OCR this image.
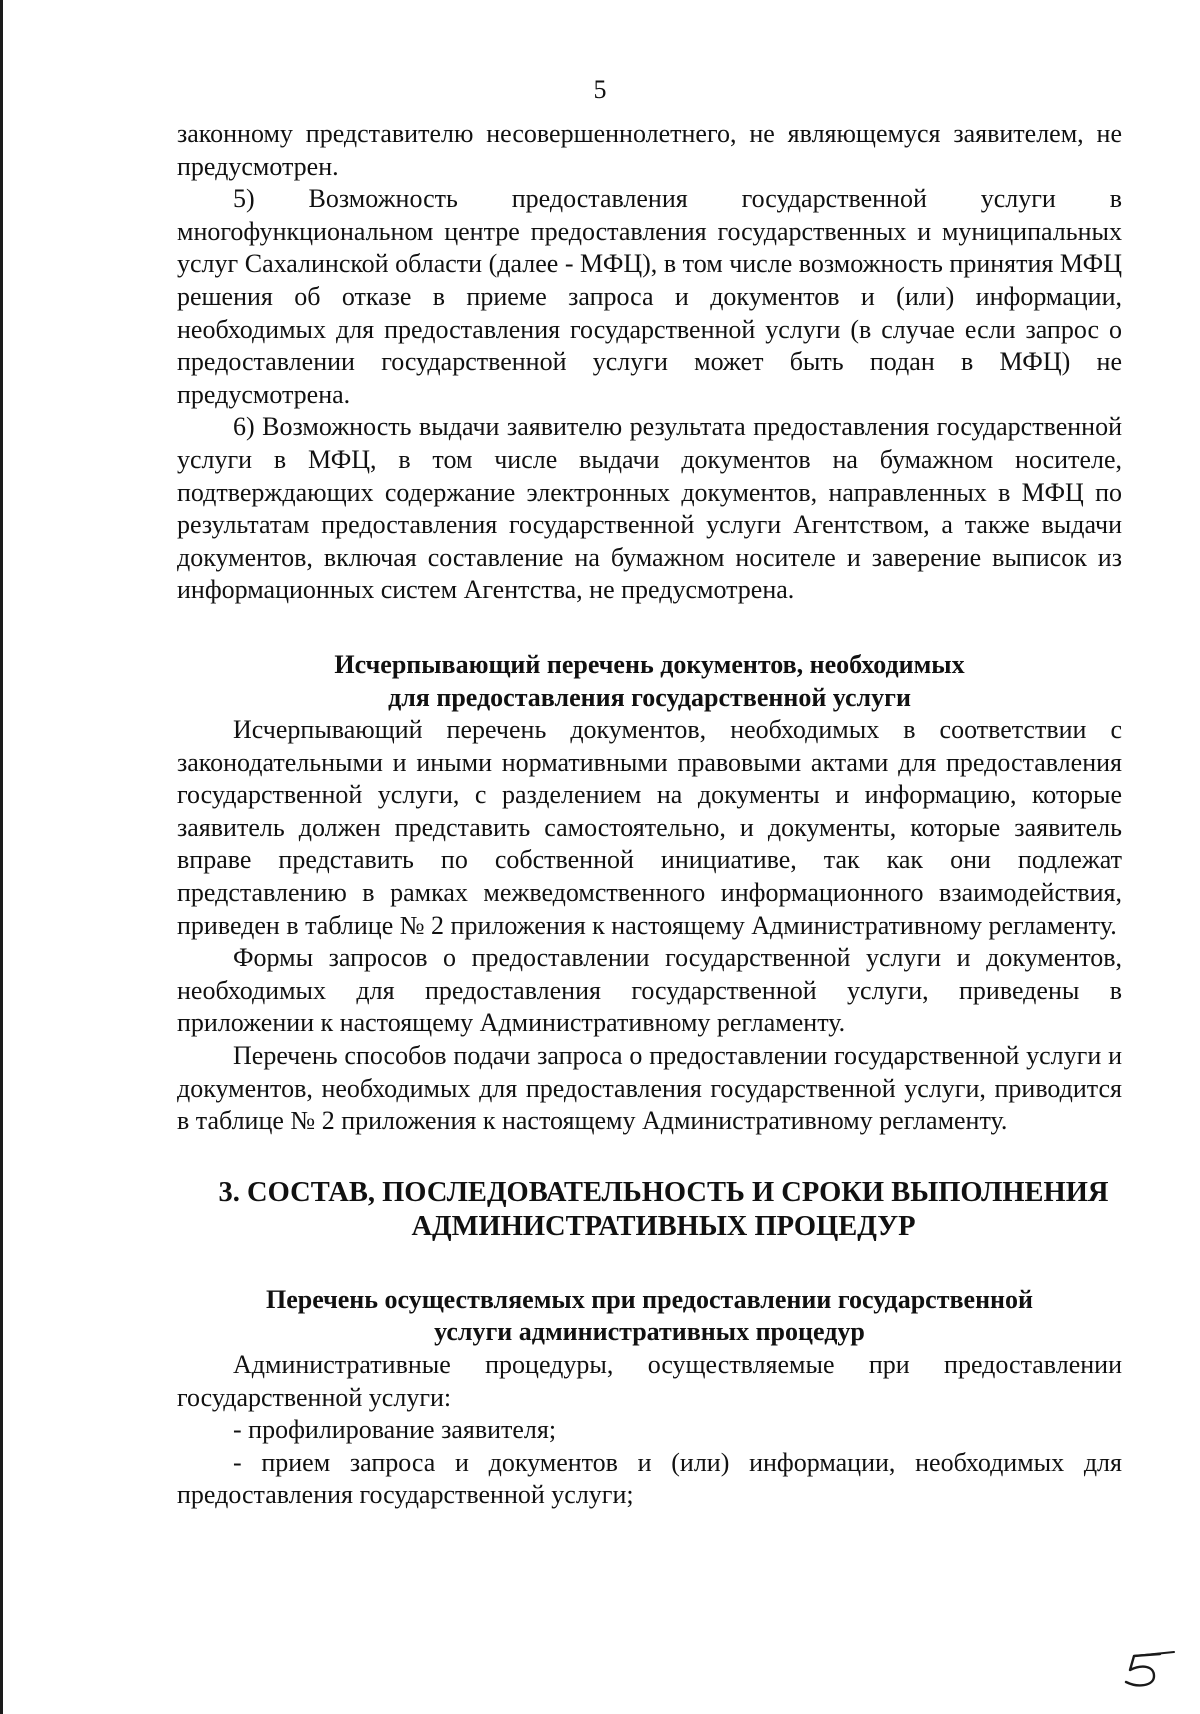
5

законному представителю несовершеннолетнего, не являющемуся заявителем, не предусмотрен.

5) Возможность предоставления государственной услуги в многофункциональном центре предоставления государственных и муниципальных услуг Сахалинской области (далее - МФЦ), в том числе возможность принятия МФЦ решения об отказе в приеме запроса и документов и (или) информации, необходимых для предоставления государственной услуги (в случае если запрос о предоставлении государственной услуги может быть подан в МФЦ) не предусмотрена.

6) Возможность выдачи заявителю результата предоставления государственной услуги в МФЦ, в том числе выдачи документов на бумажном носителе, подтверждающих содержание электронных документов, направленных в МФЦ по результатам предоставления государственной услуги Агентством, а также выдачи документов, включая составление на бумажном носителе и заверение выписок из информационных систем Агентства, не предусмотрена.

Исчерпывающий перечень документов, необходимых
для предоставления государственной услуги

Исчерпывающий перечень документов, необходимых в соответствии с законодательными и иными нормативными правовыми актами для предоставления государственной услуги, с разделением на документы и информацию, которые заявитель должен представить самостоятельно, и документы, которые заявитель вправе представить по собственной инициативе, так как они подлежат представлению в рамках межведомственного информационного взаимодействия, приведен в таблице № 2 приложения к настоящему Административному регламенту.

Формы запросов о предоставлении государственной услуги и документов, необходимых для предоставления государственной услуги, приведены в приложении к настоящему Административному регламенту.

Перечень способов подачи запроса о предоставлении государственной услуги и документов, необходимых для предоставления государственной услуги, приводится в таблице № 2 приложения к настоящему Административному регламенту.

3. СОСТАВ, ПОСЛЕДОВАТЕЛЬНОСТЬ И СРОКИ ВЫПОЛНЕНИЯ
АДМИНИСТРАТИВНЫХ ПРОЦЕДУР
Перечень осуществляемых при предоставлении государственной
услуги административных процедур

Административные процедуры, осуществляемые при предоставлении государственной услуги:

- профилирование заявителя;

- прием запроса и документов и (или) информации, необходимых для предоставления государственной услуги;
